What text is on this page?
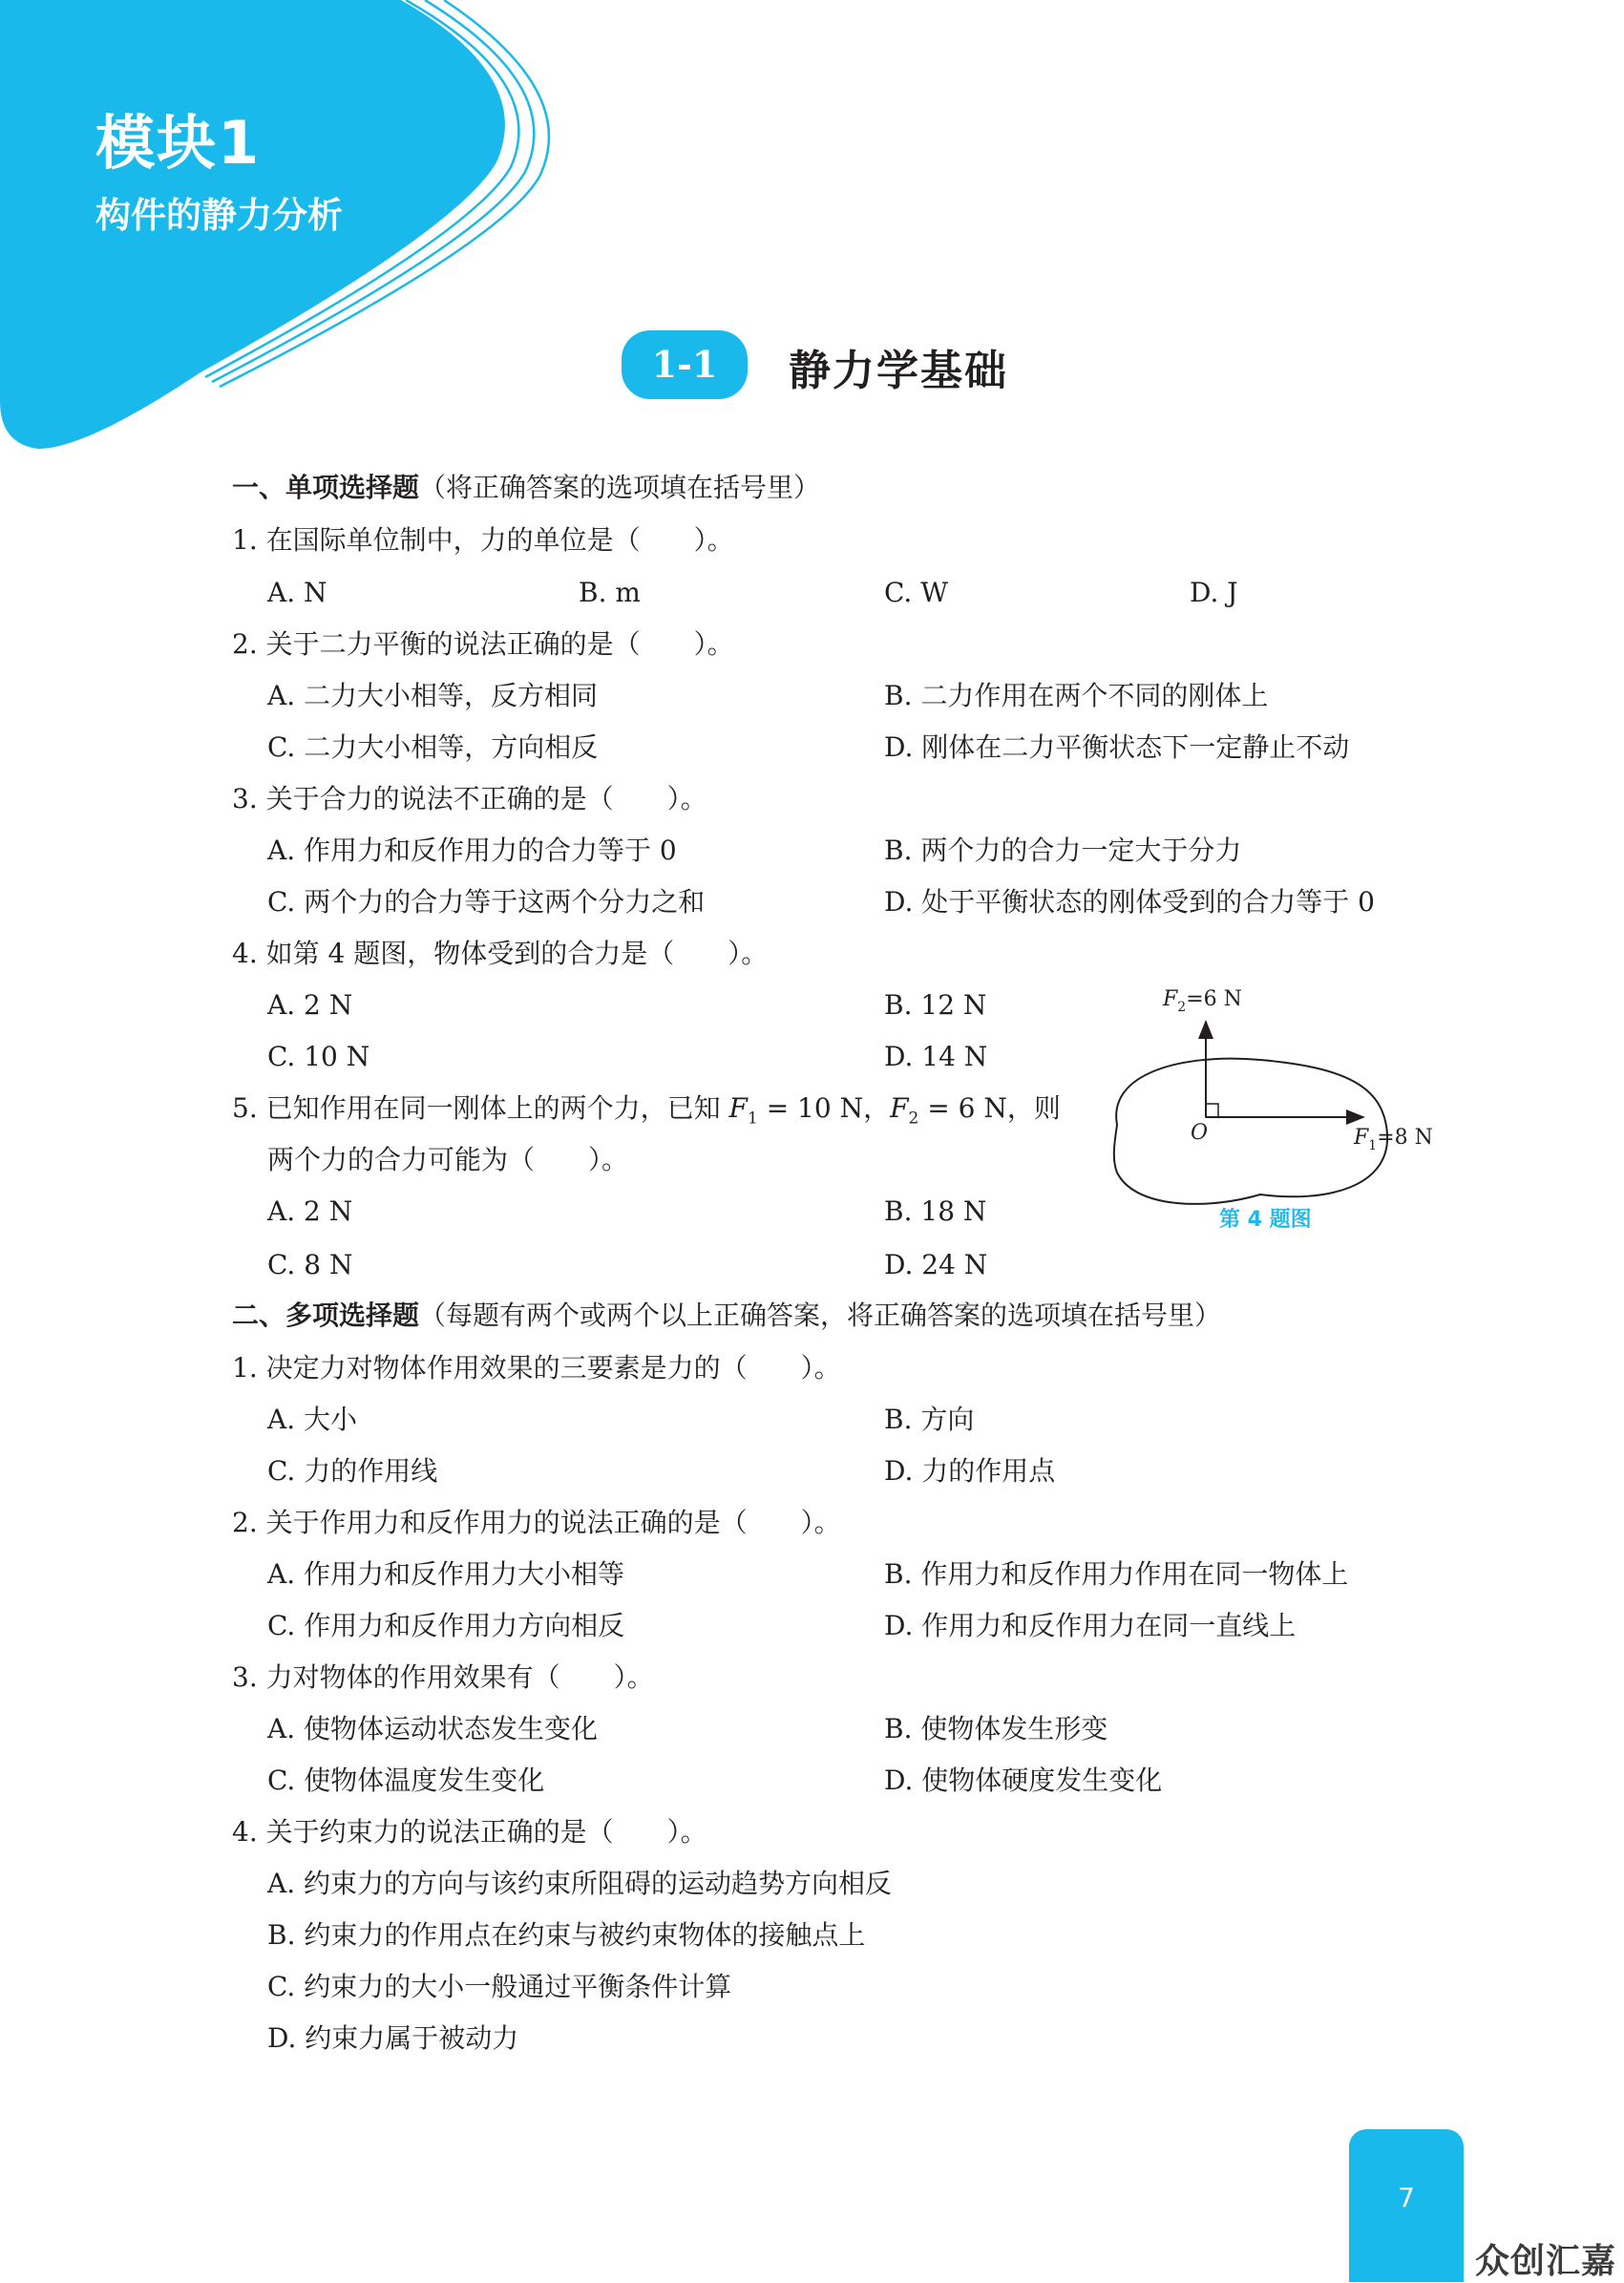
模块1
构件的静力分析
1-1	静力学基础
一、单项选择题（将正确答案的选项填在括号里）
1. 在国际单位制中，力的单位是（　　）。
A. N	B. m	C. W	D. J
2. 关于二力平衡的说法正确的是（　　）。
A. 二力大小相等，反方相同	B. 二力作用在两个不同的刚体上
C. 二力大小相等，方向相反	D. 刚体在二力平衡状态下一定静止不动
3. 关于合力的说法不正确的是（　　）。
A. 作用力和反作用力的合力等于 0	B. 两个力的合力一定大于分力
C. 两个力的合力等于这两个分力之和	D. 处于平衡状态的刚体受到的合力等于 0
4. 如第 4 题图，物体受到的合力是（　　）。
A. 2 N	B. 12 N
C. 10 N	D. 14 N
5. 已知作用在同一刚体上的两个力，已知 $F_1 = 10$ N，$F_2 = 6$ N，则
两个力的合力可能为（　　）。
A. 2 N	B. 18 N
C. 8 N	D. 24 N
O
$F_2=6$ N
$F_1=8$ N
第 4 题图
二、多项选择题（每题有两个或两个以上正确答案，将正确答案的选项填在括号里）
1. 决定力对物体作用效果的三要素是力的（　　）。
A. 大小	B. 方向
C. 力的作用线	D. 力的作用点
2. 关于作用力和反作用力的说法正确的是（　　）。
A. 作用力和反作用力大小相等	B. 作用力和反作用力作用在同一物体上
C. 作用力和反作用力方向相反	D. 作用力和反作用力在同一直线上
3. 力对物体的作用效果有（　　）。
A. 使物体运动状态发生变化	B. 使物体发生形变
C. 使物体温度发生变化	D. 使物体硬度发生变化
4. 关于约束力的说法正确的是（　　）。
A. 约束力的方向与该约束所阻碍的运动趋势方向相反
B. 约束力的作用点在约束与被约束物体的接触点上
C. 约束力的大小一般通过平衡条件计算
D. 约束力属于被动力
7
众创汇嘉
